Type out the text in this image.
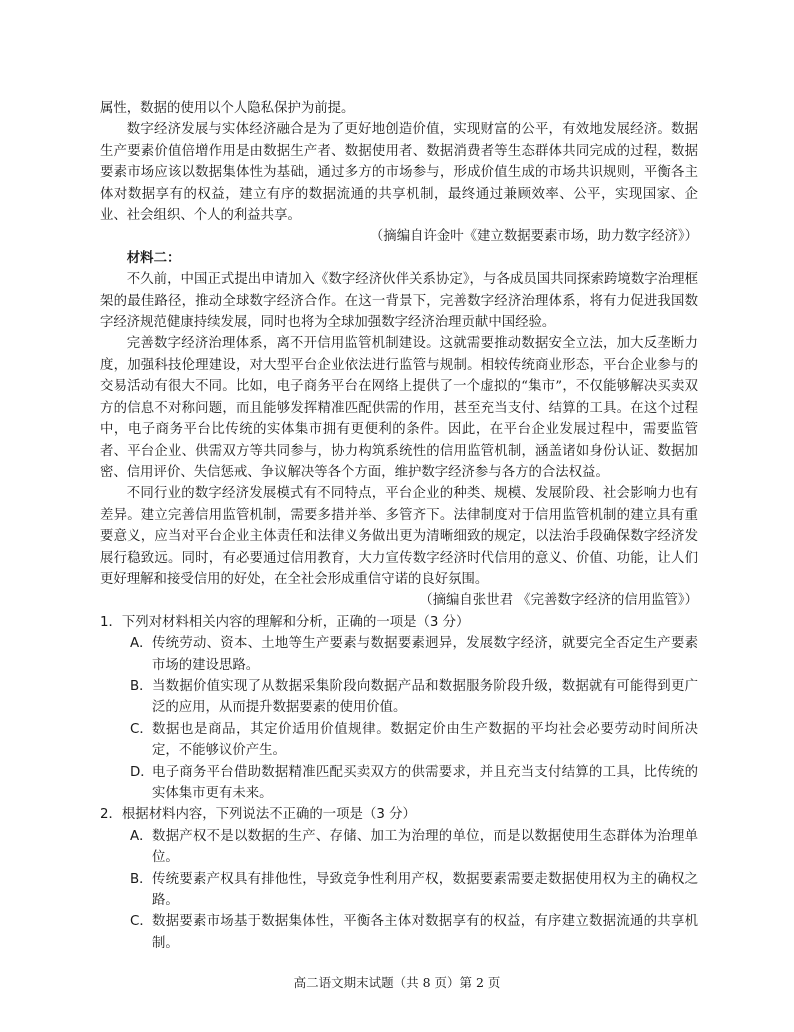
属性，数据的使用以个人隐私保护为前提。

数字经济发展与实体经济融合是为了更好地创造价值，实现财富的公平，有效地发展经济。数据生产要素价值倍增作用是由数据生产者、数据使用者、数据消费者等生态群体共同完成的过程，数据要素市场应该以数据集体性为基础，通过多方的市场参与，形成价值生成的市场共识规则，平衡各主体对数据享有的权益，建立有序的数据流通的共享机制，最终通过兼顾效率、公平，实现国家、企业、社会组织、个人的利益共享。

（摘编自许金叶《建立数据要素市场，助力数字经济》）

材料二：

不久前，中国正式提出申请加入《数字经济伙伴关系协定》，与各成员国共同探索跨境数字治理框架的最佳路径，推动全球数字经济合作。在这一背景下，完善数字经济治理体系，将有力促进我国数字经济规范健康持续发展，同时也将为全球加强数字经济治理贡献中国经验。

完善数字经济治理体系，离不开信用监管机制建设。这就需要推动数据安全立法，加大反垄断力度，加强科技伦理建设，对大型平台企业依法进行监管与规制。相较传统商业形态，平台企业参与的交易活动有很大不同。比如，电子商务平台在网络上提供了一个虚拟的“集市”，不仅能够解决买卖双方的信息不对称问题，而且能够发挥精准匹配供需的作用，甚至充当支付、结算的工具。在这个过程中，电子商务平台比传统的实体集市拥有更便利的条件。因此，在平台企业发展过程中，需要监管者、平台企业、供需双方等共同参与，协力构筑系统性的信用监管机制，涵盖诸如身份认证、数据加密、信用评价、失信惩戒、争议解决等各个方面，维护数字经济参与各方的合法权益。

不同行业的数字经济发展模式有不同特点，平台企业的种类、规模、发展阶段、社会影响力也有差异。建立完善信用监管机制，需要多措并举、多管齐下。法律制度对于信用监管机制的建立具有重要意义，应当对平台企业主体责任和法律义务做出更为清晰细致的规定，以法治手段确保数字经济发展行稳致远。同时，有必要通过信用教育，大力宣传数字经济时代信用的意义、价值、功能，让人们更好理解和接受信用的好处，在全社会形成重信守诺的良好氛围。

（摘编自张世君 《完善数字经济的信用监管》）

1．下列对材料相关内容的理解和分析，正确的一项是（3 分）

A． 传统劳动、资本、土地等生产要素与数据要素迥异，发展数字经济，就要完全否定生产要素市场的建设思路。
B． 当数据价值实现了从数据采集阶段向数据产品和数据服务阶段升级，数据就有可能得到更广泛的应用，从而提升数据要素的使用价值。
C． 数据也是商品，其定价适用价值规律。数据定价由生产数据的平均社会必要劳动时间所决定，不能够议价产生。
D．
电子商务平台借助数据精准匹配买卖双方的供需要求，并且充当支付结算的工具，比传统的实体集市更有未来。

2．根据材料内容，下列说法不正确的一项是（3 分）

A． 数据产权不是以数据的生产、存储、加工为治理的单位，而是以数据使用生态群体为治理单位。
B． 传统要素产权具有排他性，导致竞争性利用产权，数据要素需要走数据使用权为主的确权之路。
C． 数据要素市场基于数据集体性，平衡各主体对数据享有的权益，有序建立数据流通的共享机制。
高二语文期末试题（共 8 页）第 2 页
